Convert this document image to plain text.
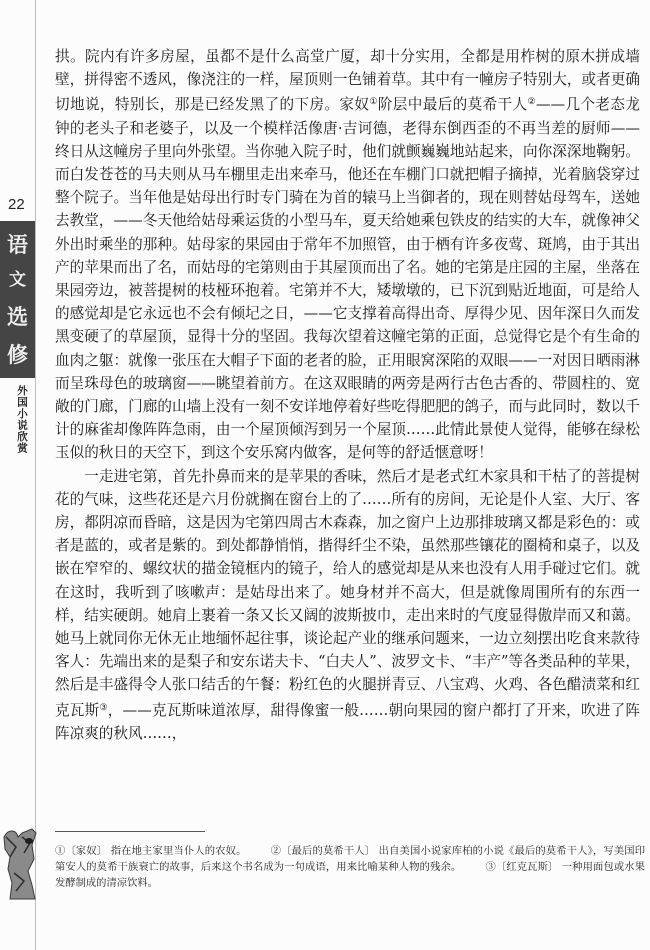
22
语
文
选
修
外国小说欣赏

拱。院内有许多房屋，虽都不是什么高堂广厦，却十分实用，全都是用柞树的原木拼成墙壁，拼得密不透风，像浇注的一样，屋顶则一色铺着草。其中有一幢房子特别大，或者更确切地说，特别长，那是已经发黑了的下房。家奴①阶层中最后的莫希干人②——几个老态龙钟的老头子和老婆子，以及一个模样活像唐·吉诃德，老得东倒西歪的不再当差的厨师——终日从这幢房子里向外张望。当你驰入院子时，他们就颤巍巍地站起来，向你深深地鞠躬。而白发苍苍的马夫则从马车棚里走出来牵马，他还在车棚门口就把帽子摘掉，光着脑袋穿过整个院子。当年他是姑母出行时专门骑在为首的辕马上当御者的，现在则替姑母驾车，送她去教堂，——冬天他给姑母乘运货的小型马车，夏天给她乘包铁皮的结实的大车，就像神父外出时乘坐的那种。姑母家的果园由于常年不加照管，由于栖有许多夜莺、斑鸠，由于其出产的苹果而出了名，而姑母的宅第则由于其屋顶而出了名。她的宅第是庄园的主屋，坐落在果园旁边，被菩提树的枝桠环抱着。宅第并不大，矮墩墩的，已下沉到贴近地面，可是给人的感觉却是它永远也不会有倾圮之日，——它支撑着高得出奇、厚得少见、因年深日久而发黑变硬了的草屋顶，显得十分的坚固。我每次望着这幢宅第的正面，总觉得它是个有生命的血肉之躯：就像一张压在大帽子下面的老者的脸，正用眼窝深陷的双眼——一对因日晒雨淋而呈珠母色的玻璃窗——眺望着前方。在这双眼睛的两旁是两行古色古香的、带圆柱的、宽敞的门廊，门廊的山墙上没有一刻不安详地停着好些吃得肥肥的鸽子，而与此同时，数以千计的麻雀却像阵阵急雨，由一个屋顶倾泻到另一个屋顶……此情此景使人觉得，能够在绿松玉似的秋日的天空下，到这个安乐窝内做客，是何等的舒适惬意呀！

一走进宅第，首先扑鼻而来的是苹果的香味，然后才是老式红木家具和干枯了的菩提树花的气味，这些花还是六月份就搁在窗台上的了……所有的房间，无论是仆人室、大厅、客房，都阴凉而昏暗，这是因为宅第四周古木森森，加之窗户上边那排玻璃又都是彩色的：或者是蓝的，或者是紫的。到处都静悄悄，揩得纤尘不染，虽然那些镶花的圈椅和桌子，以及嵌在窄窄的、螺纹状的描金镜框内的镜子，给人的感觉却是从来也没有人用手碰过它们。就在这时，我听到了咳嗽声：是姑母出来了。她身材并不高大，但是就像周围所有的东西一样，结实硬朗。她肩上裹着一条又长又阔的波斯披巾，走出来时的气度显得傲岸而又和蔼。她马上就同你无休无止地缅怀起往事，谈论起产业的继承问题来，一边立刻摆出吃食来款待客人：先端出来的是梨子和安东诺夫卡、“白夫人”、波罗文卡、“丰产”等各类品种的苹果，然后是丰盛得令人张口结舌的午餐：粉红色的火腿拼青豆、八宝鸡、火鸡、各色醋渍菜和红克瓦斯③，——克瓦斯味道浓厚，甜得像蜜一般……朝向果园的窗户都打了开来，吹进了阵阵凉爽的秋风……，

①〔家奴〕 指在地主家里当仆人的农奴。 ②〔最后的莫希干人〕 出自美国小说家库柏的小说《最后的莫希干人》，写美国印第安人的莫希干族衰亡的故事，后来这个书名成为一句成语，用来比喻某种人物的残余。 ③〔红克瓦斯〕 一种用面包或水果发酵制成的清凉饮料。
